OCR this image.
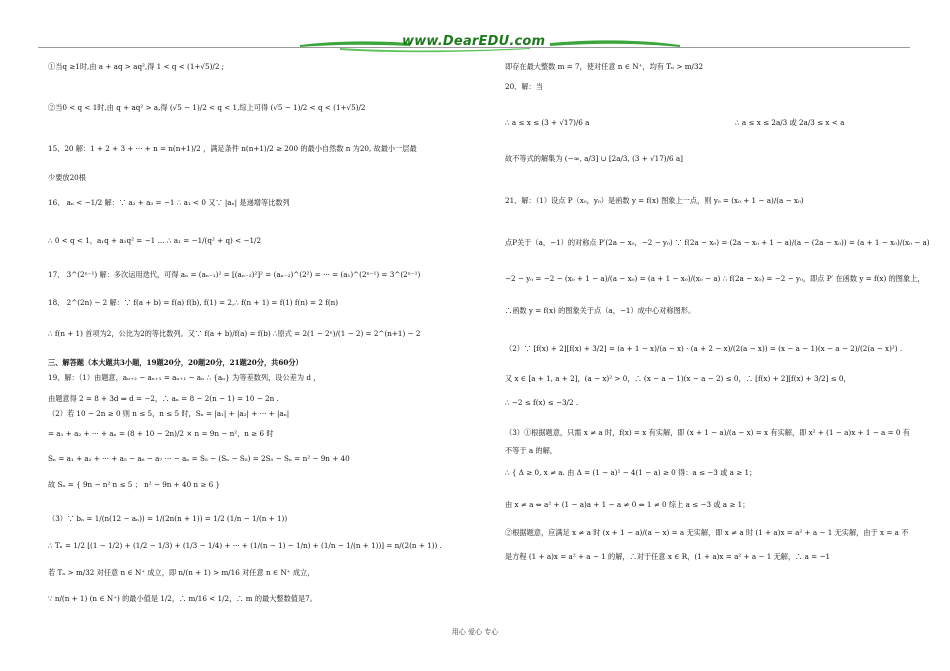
www.DearEDU.com
①当q ≥1时,由 a + aq > aq²,得 1 < q < (1+√5)/2 ;
②当0 < q < 1时,由 q + aq² > a,得 (√5 − 1)/2 < q < 1,综上可得 (√5 − 1)/2 < q < (1+√5)/2
15、20 解：1 + 2 + 3 + ··· + n = n(n+1)/2 ，满足条件 n(n+1)/2 ≥ 200 的最小自然数 n 为20, 故最小一层最
少要放20根
16、 aₙ < −1/2 解：∵ a₂ + a₃ = −1 ∴ a₁ < 0 又∵ |aₙ| 是递增等比数列
∴ 0 < q < 1，a₁q + a₁q² = −1 … ∴ a₁ = −1/(q² + q) < −1/2
17、 3^(2ⁿ⁻¹) 解：多次运用迭代，可得 aₙ = (aₙ₋₁)² = [(aₙ₋₂)²]² = (aₙ₋₂)^(2²) = ··· = (a₁)^(2ⁿ⁻¹) = 3^(2ⁿ⁻¹)
18、 2^(2n) − 2 解：∵ f(a + b) = f(a) f(b), f(1) = 2,∴ f(n + 1) = f(1) f(n) = 2 f(n)
∴ f(n + 1) 首项为2，公比为2的等比数列。又∵ f(a + b)/f(a) = f(b) ∴原式 = 2(1 − 2ⁿ)/(1 − 2) = 2^(n+1) − 2
三、解答题（本大题共3小题，19题20分，20题20分，21题20分，共60分）
19、解：（1）由题意，aₙ₊₂ − aₙ₊₁ = aₙ₊₁ − aₙ ∴ {aₙ} 为等差数列，设公差为 d ，
由题意得 2 = 8 + 3d ⇒ d = −2，∴ aₙ = 8 − 2(n − 1) = 10 − 2n .
（2）若 10 − 2n ≥ 0 则 n ≤ 5，n ≤ 5 时，Sₙ = |a₁| + |a₂| + ··· + |aₙ|
= a₁ + a₂ + ··· + aₙ = (8 + 10 − 2n)/2 × n = 9n − n²，n ≥ 6 时
Sₙ = a₁ + a₂ + ··· + a₅ − a₆ − a₇ ··· − aₙ = S₅ − (Sₙ − S₅) = 2S₅ − Sₙ = n² − 9n + 40
故 Sₙ = { 9n − n² n ≤ 5 ； n² − 9n + 40 n ≥ 6 }
（3）∵ bₙ = 1/(n(12 − aₙ)) = 1/(2n(n + 1)) = 1/2 (1/n − 1/(n + 1))
∴ Tₙ = 1/2 [(1 − 1/2) + (1/2 − 1/3) + (1/3 − 1/4) + ··· + (1/(n − 1) − 1/n) + (1/n − 1/(n + 1))] = n/(2(n + 1)) .
若 Tₙ > m/32 对任意 n ∈ N⁺ 成立，即 n/(n + 1) > m/16 对任意 n ∈ N⁺ 成立，
∵ n/(n + 1) (n ∈ N⁺) 的最小值是 1/2，∴ m/16 < 1/2，∴ m 的最大整数值是7。
即存在最大整数 m = 7，使对任意 n ∈ N⁺，均有 Tₙ > m/32
20、解：当
∴ a ≤ x ≤ (3 + √17)/6 a	∴ a ≤ x ≤ 2a/3 或 2a/3 ≤ x < a
故不等式的解集为 (−∞, a/3] ∪ [2a/3, (3 + √17)/6 a]
21、解：（1）设点 P（x₀，y₀）是函数 y = f(x) 图象上一点，则 y₀ = (x₀ + 1 − a)/(a − x₀)
点P关于（a，−1）的对称点 P′(2a − x₀，−2 − y₀) ∵ f(2a − x₀) = (2a − x₀ + 1 − a)/(a − (2a − x₀)) = (a + 1 − x₀)/(x₀ − a)
−2 − y₀ = −2 − (x₀ + 1 − a)/(a − x₀) = (a + 1 − x₀)/(x₀ − a) ∴ f(2a − x₀) = −2 − y₀，即点 P′ 在函数 y = f(x) 的图象上，
∴函数 y = f(x) 的图象关于点（a，−1）成中心对称图形。
（2）∵ [f(x) + 2][f(x) + 3/2] = (a + 1 − x)/(a − x) · (a + 2 − x)/(2(a − x)) = (x − a − 1)(x − a − 2)/(2(a − x)²) .
又 x ∈ [a + 1, a + 2]，(a − x)² > 0，∴ (x − a − 1)(x − a − 2) ≤ 0，∴ [f(x) + 2][f(x) + 3/2] ≤ 0，
∴ −2 ≤ f(x) ≤ −3/2 .
（3）①根据题意，只需 x ≠ a 时，f(x) = x 有实解，即 (x + 1 − a)/(a − x) = x 有实解，即 x² + (1 − a)x + 1 − a = 0 有
不等于 a 的解，
∴ { Δ ≥ 0, x ≠ a. 由 Δ = (1 − a)² − 4(1 − a) ≥ 0 得：a ≤ −3 或 a ≥ 1；
由 x ≠ a ⇔ a² + (1 − a)a + 1 − a ≠ 0 ⇔ 1 ≠ 0 综上 a ≤ −3 或 a ≥ 1；
②根据题意，应满足 x ≠ a 时 (x + 1 − a)/(a − x) = a 无实解，即 x ≠ a 时 (1 + a)x = a² + a − 1 无实解，由于 x = a 不
是方程 (1 + a)x = a² + a − 1 的解，∴对于任意 x ∈ R，(1 + a)x = a² + a − 1 无解，∴ a = −1
用心 爱心 专心
